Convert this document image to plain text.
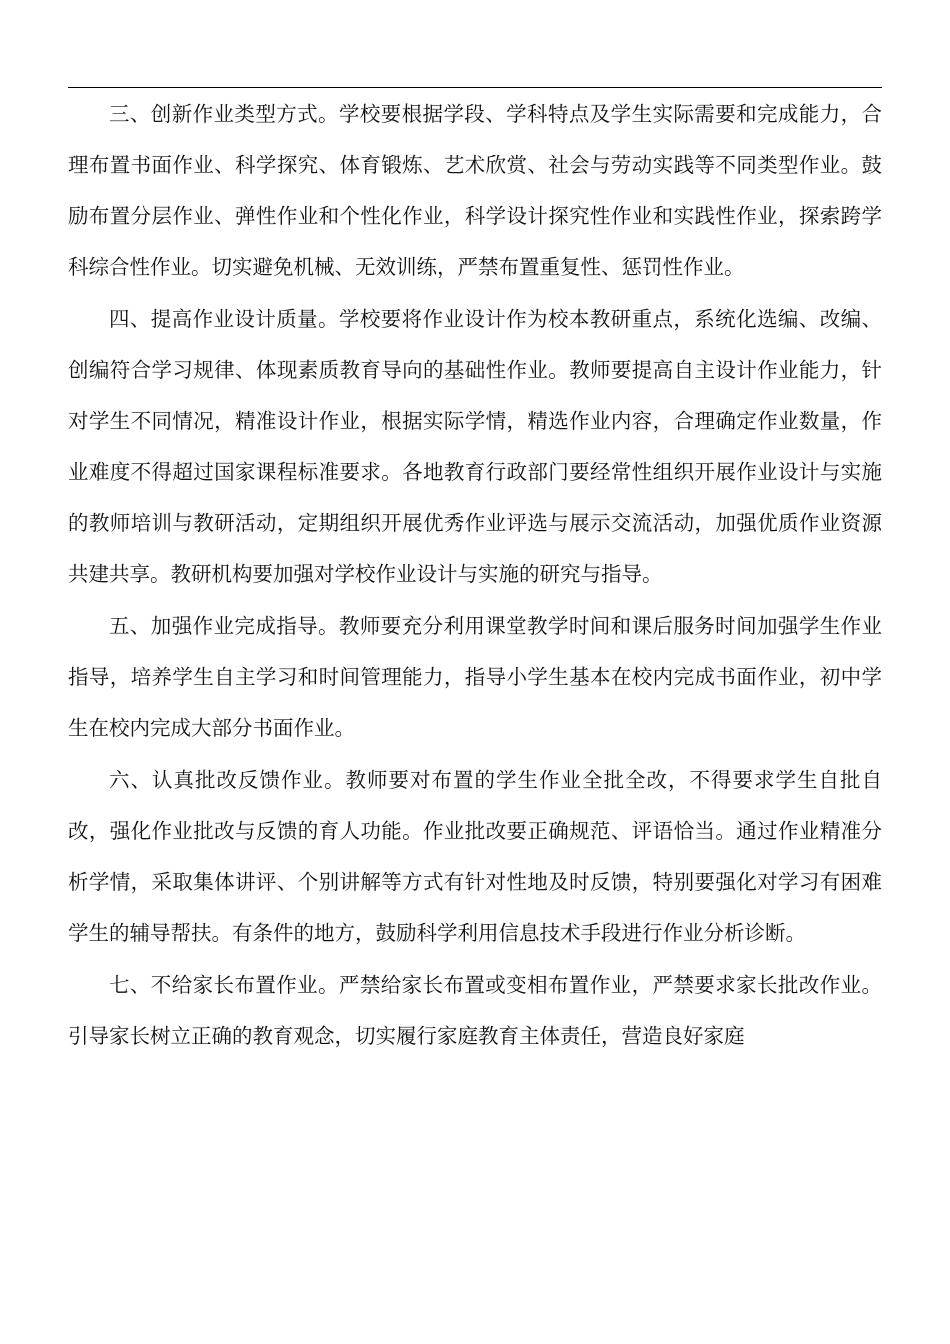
三、创新作业类型方式。学校要根据学段、学科特点及学生实际需要和完成能力，合理布置书面作业、科学探究、体育锻炼、艺术欣赏、社会与劳动实践等不同类型作业。鼓励布置分层作业、弹性作业和个性化作业，科学设计探究性作业和实践性作业，探索跨学科综合性作业。切实避免机械、无效训练，严禁布置重复性、惩罚性作业。

四、提高作业设计质量。学校要将作业设计作为校本教研重点，系统化选编、改编、创编符合学习规律、体现素质教育导向的基础性作业。教师要提高自主设计作业能力，针对学生不同情况，精准设计作业，根据实际学情，精选作业内容，合理确定作业数量，作业难度不得超过国家课程标准要求。各地教育行政部门要经常性组织开展作业设计与实施的教师培训与教研活动，定期组织开展优秀作业评选与展示交流活动，加强优质作业资源共建共享。教研机构要加强对学校作业设计与实施的研究与指导。

五、加强作业完成指导。教师要充分利用课堂教学时间和课后服务时间加强学生作业指导，培养学生自主学习和时间管理能力，指导小学生基本在校内完成书面作业，初中学生在校内完成大部分书面作业。

六、认真批改反馈作业。教师要对布置的学生作业全批全改，不得要求学生自批自改，强化作业批改与反馈的育人功能。作业批改要正确规范、评语恰当。通过作业精准分析学情，采取集体讲评、个别讲解等方式有针对性地及时反馈，特别要强化对学习有困难学生的辅导帮扶。有条件的地方，鼓励科学利用信息技术手段进行作业分析诊断。

七、不给家长布置作业。严禁给家长布置或变相布置作业，严禁要求家长批改作业。引导家长树立正确的教育观念，切实履行家庭教育主体责任，营造良好家庭
